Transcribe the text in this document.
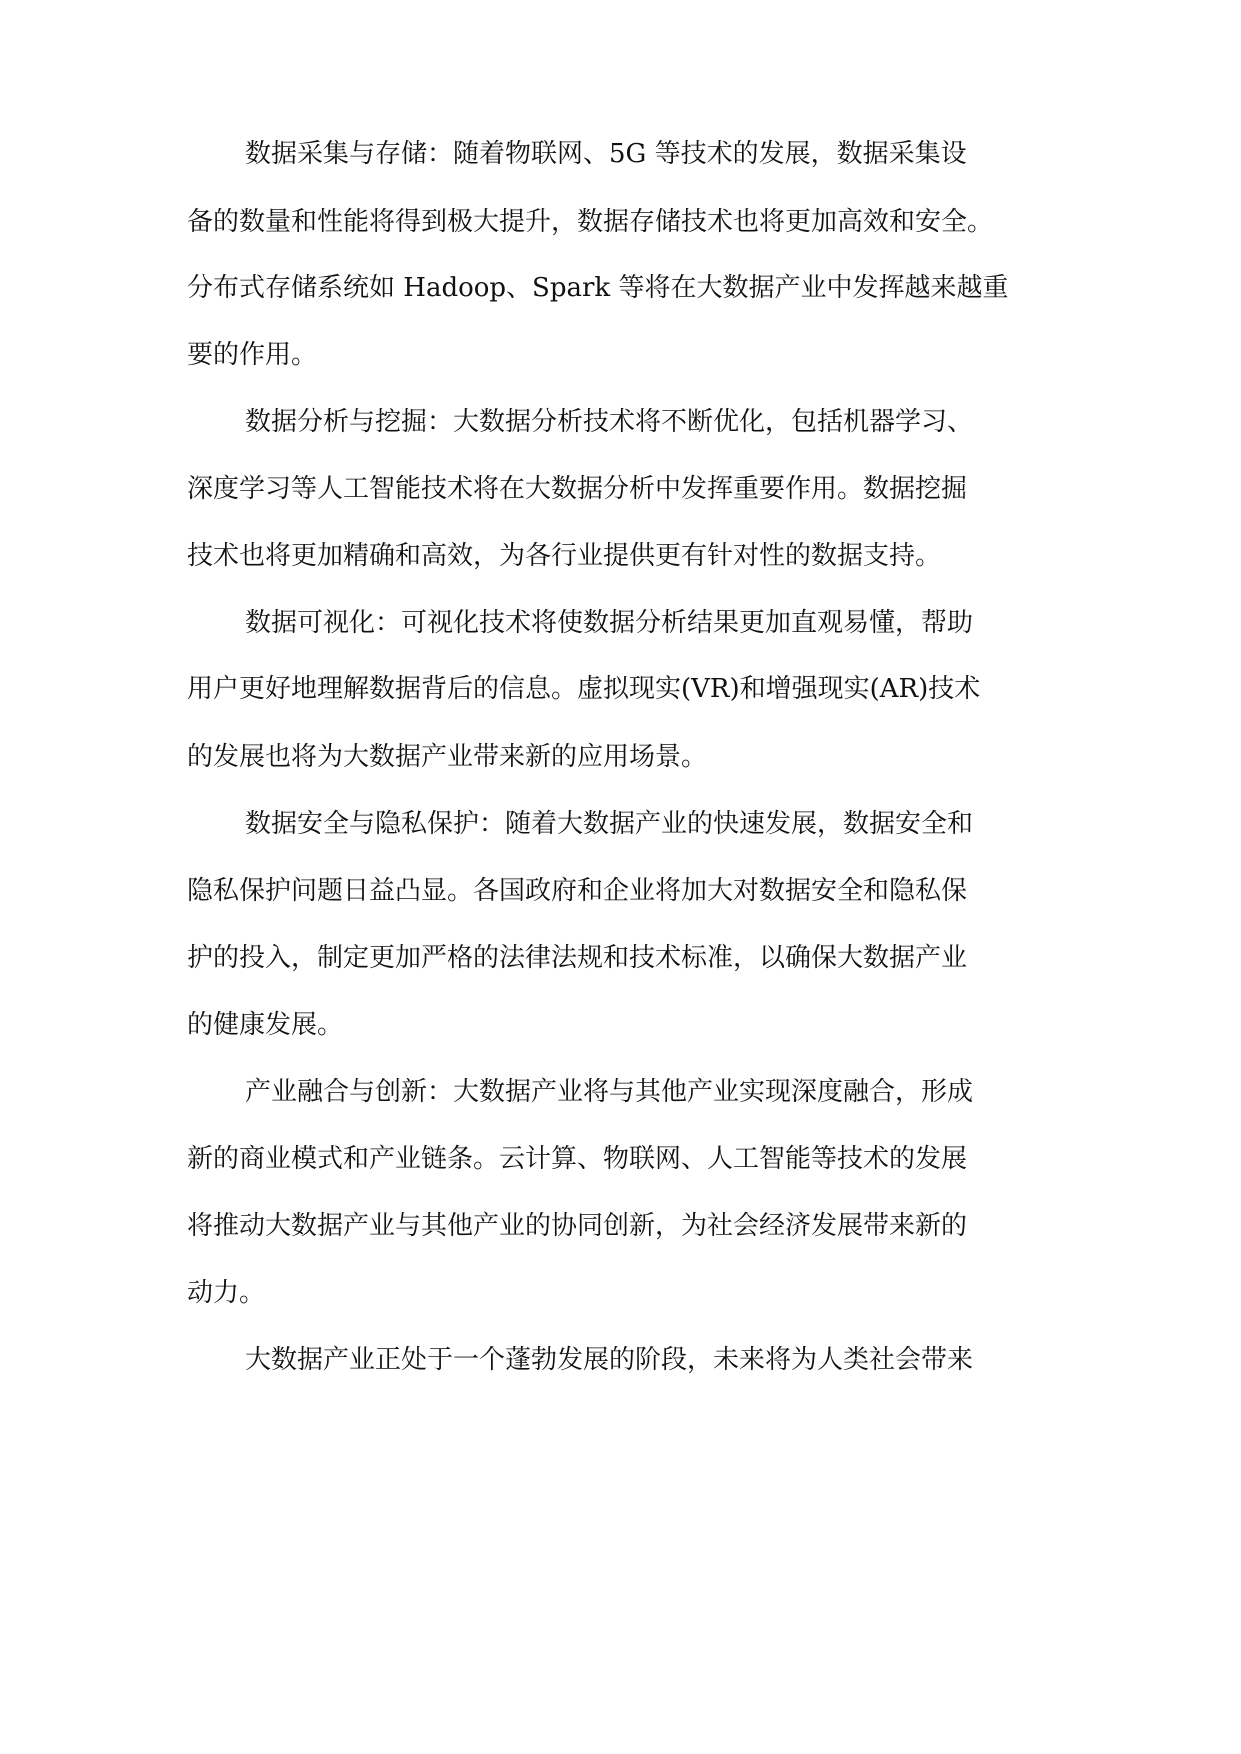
数据采集与存储：随着物联网、5G 等技术的发展，数据采集设
备的数量和性能将得到极大提升，数据存储技术也将更加高效和安全。
分布式存储系统如 Hadoop、Spark 等将在大数据产业中发挥越来越重
要的作用。
数据分析与挖掘：大数据分析技术将不断优化，包括机器学习、
深度学习等人工智能技术将在大数据分析中发挥重要作用。数据挖掘
技术也将更加精确和高效，为各行业提供更有针对性的数据支持。
数据可视化：可视化技术将使数据分析结果更加直观易懂，帮助
用户更好地理解数据背后的信息。虚拟现实(VR)和增强现实(AR)技术
的发展也将为大数据产业带来新的应用场景。
数据安全与隐私保护：随着大数据产业的快速发展，数据安全和
隐私保护问题日益凸显。各国政府和企业将加大对数据安全和隐私保
护的投入，制定更加严格的法律法规和技术标准，以确保大数据产业
的健康发展。
产业融合与创新：大数据产业将与其他产业实现深度融合，形成
新的商业模式和产业链条。云计算、物联网、人工智能等技术的发展
将推动大数据产业与其他产业的协同创新，为社会经济发展带来新的
动力。
大数据产业正处于一个蓬勃发展的阶段，未来将为人类社会带来
